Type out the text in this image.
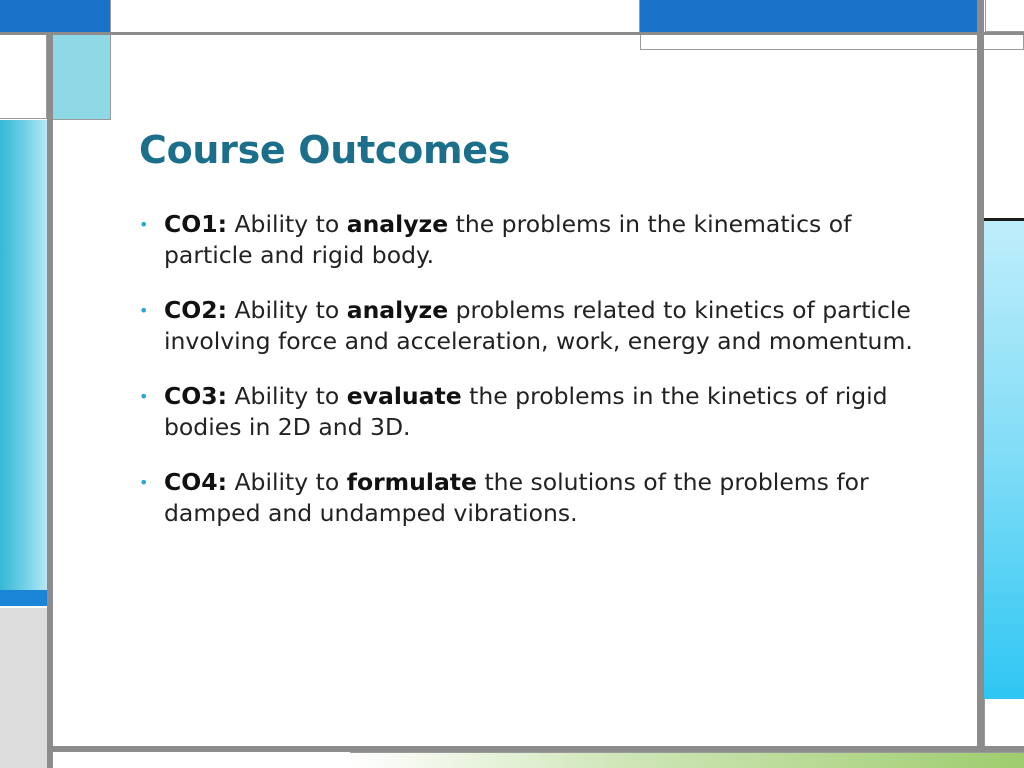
Course Outcomes
• CO1: Ability to analyze the problems in the kinematics of particle and rigid body.
• CO2: Ability to analyze problems related to kinetics of particle involving force and acceleration, work, energy and momentum.
• CO3: Ability to evaluate the problems in the kinetics of rigid bodies in 2D and 3D.
• CO4: Ability to formulate the solutions of the problems for damped and undamped vibrations.
